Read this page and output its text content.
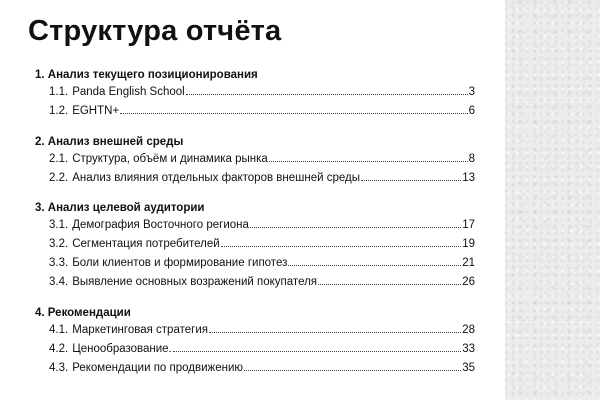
Структура отчёта
1. Анализ текущего позиционирования
1.1. Panda English School	3
1.2. EGHTN+	6
2. Анализ внешней среды
2.1. Структура, объём и динамика рынка	8
2.2. Анализ влияния отдельных факторов внешней среды	13
3. Анализ целевой аудитории
3.1. Демография Восточного региона	17
3.2. Сегментация потребителей	19
3.3. Боли клиентов и формирование гипотез	21
3.4. Выявление основных возражений покупателя	26
4. Рекомендации
4.1. Маркетинговая стратегия	28
4.2. Ценообразование.	33
4.3. Рекомендации по продвижению	35
